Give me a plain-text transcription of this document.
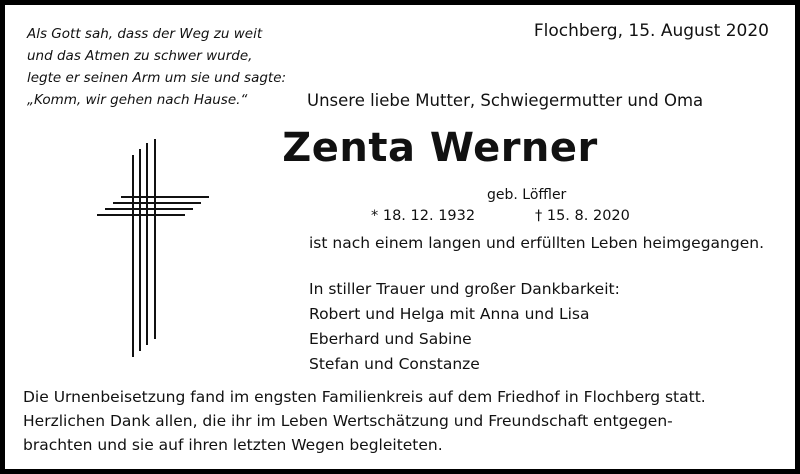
Als Gott sah, dass der Weg zu weit
und das Atmen zu schwer wurde,
legte er seinen Arm um sie und sagte:
„Komm, wir gehen nach Hause.“
Flochberg, 15. August 2020
Unsere liebe Mutter, Schwiegermutter und Oma
Zenta Werner
geb. Löffler
* 18. 12. 1932	† 15. 8. 2020
ist nach einem langen und erfüllten Leben heimgegangen.
In stiller Trauer und großer Dankbarkeit:
Robert und Helga mit Anna und Lisa
Eberhard und Sabine
Stefan und Constanze
Die Urnenbeisetzung fand im engsten Familienkreis auf dem Friedhof in Flochberg statt.
Herzlichen Dank allen, die ihr im Leben Wertschätzung und Freundschaft entgegen-
brachten und sie auf ihren letzten Wegen begleiteten.
